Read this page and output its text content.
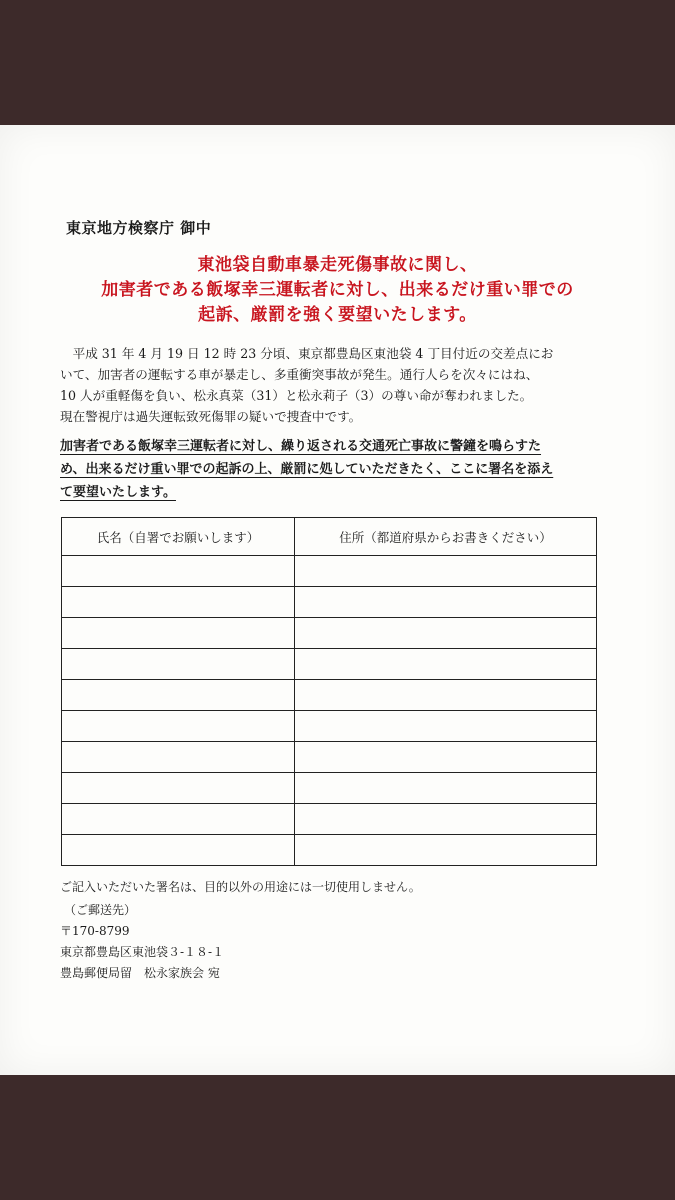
東京地方検察庁 御中
東池袋自動車暴走死傷事故に関し、
加害者である飯塚幸三運転者に対し、出来るだけ重い罪での
起訴、厳罰を強く要望いたします。
　平成 31 年 4 月 19 日 12 時 23 分頃、東京都豊島区東池袋 4 丁目付近の交差点にお
いて、加害者の運転する車が暴走し、多重衝突事故が発生。通行人らを次々にはね、
10 人が重軽傷を負い、松永真菜（31）と松永莉子（3）の尊い命が奪われました。
現在警視庁は過失運転致死傷罪の疑いで捜査中です。
加害者である飯塚幸三運転者に対し、繰り返される交通死亡事故に警鐘を鳴らすた
め、出来るだけ重い罪での起訴の上、厳罰に処していただきたく、ここに署名を添え
て要望いたします。
氏名（自署でお願いします）	住所（都道府県からお書きください）

ご記入いただいた署名は、目的以外の用途には一切使用しません。
（ご郵送先）
〒170-8799
東京都豊島区東池袋３-１８-１
豊島郵便局留　松永家族会 宛
